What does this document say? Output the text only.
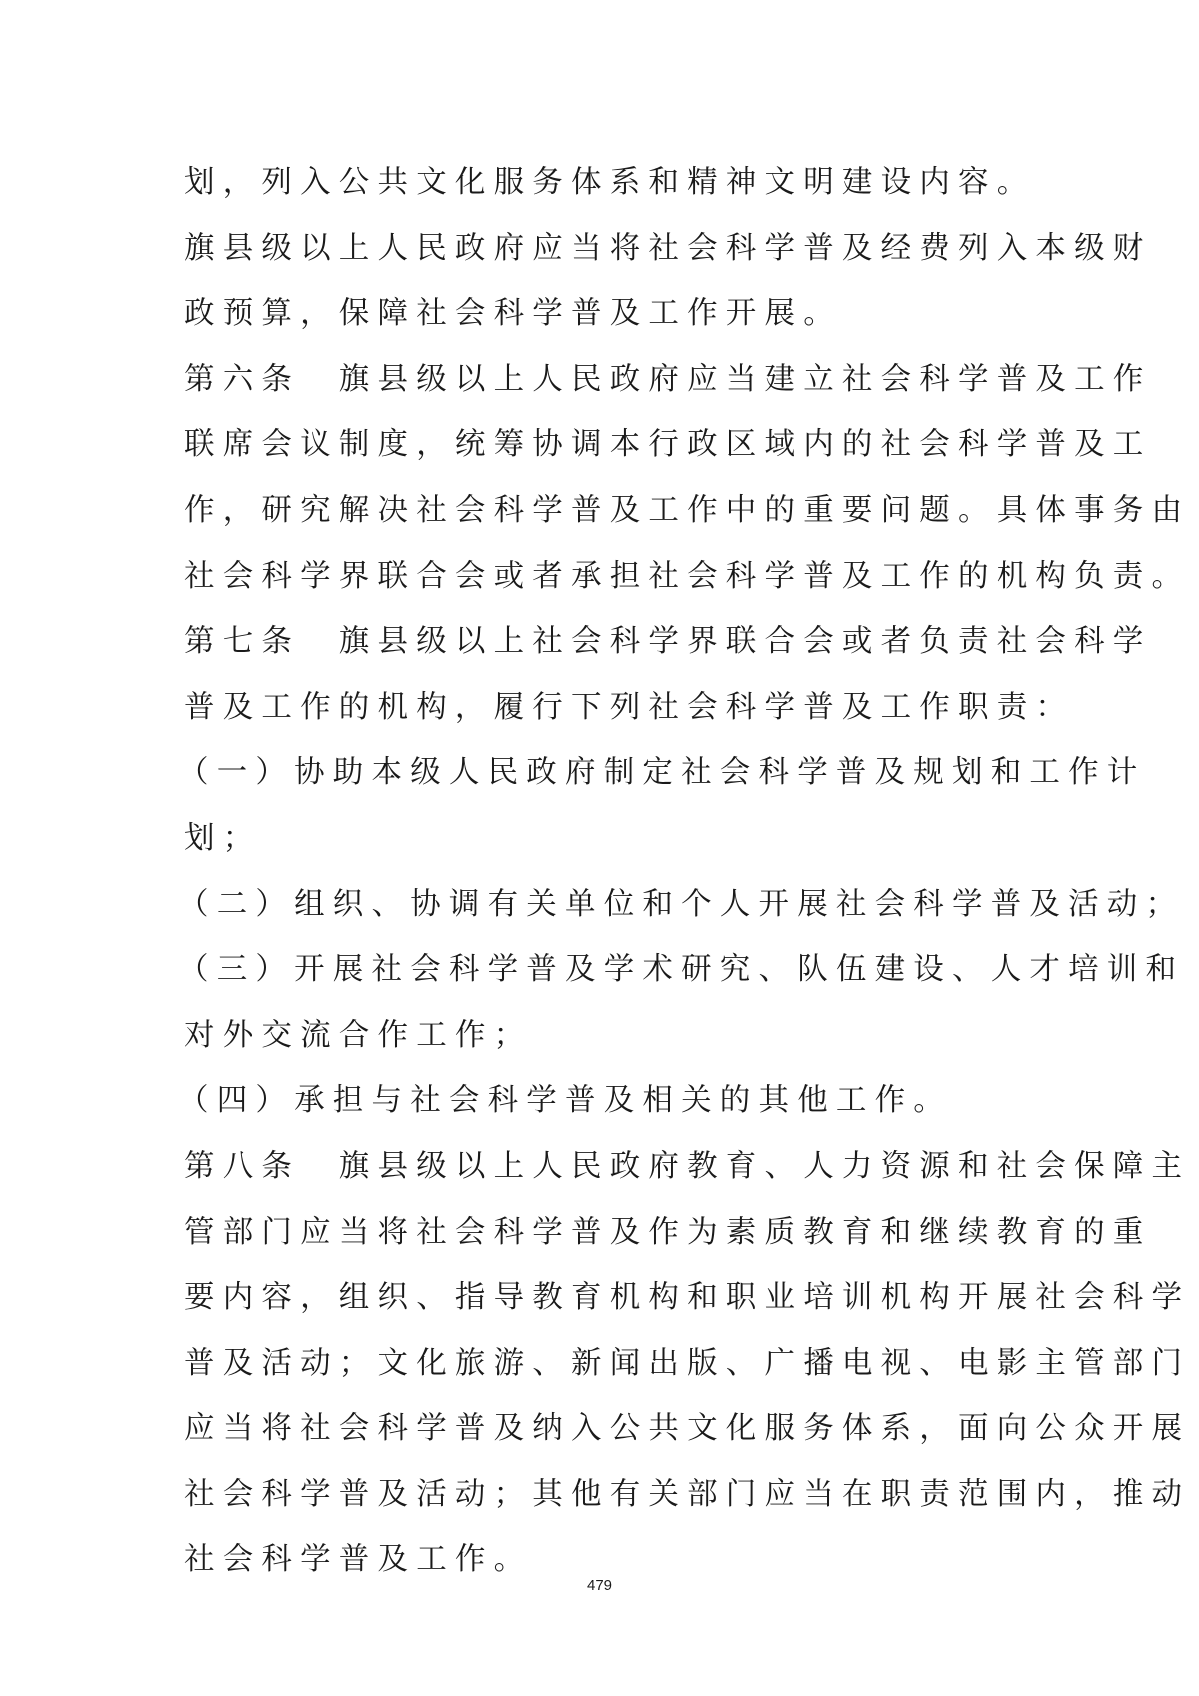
划，列入公共文化服务体系和精神文明建设内容。
旗县级以上人民政府应当将社会科学普及经费列入本级财
政预算，保障社会科学普及工作开展。
第六条　旗县级以上人民政府应当建立社会科学普及工作
联席会议制度，统筹协调本行政区域内的社会科学普及工
作，研究解决社会科学普及工作中的重要问题。具体事务由
社会科学界联合会或者承担社会科学普及工作的机构负责。
第七条　旗县级以上社会科学界联合会或者负责社会科学
普及工作的机构，履行下列社会科学普及工作职责：
（一）协助本级人民政府制定社会科学普及规划和工作计
划；
（二）组织、协调有关单位和个人开展社会科学普及活动；
（三）开展社会科学普及学术研究、队伍建设、人才培训和
对外交流合作工作；
（四）承担与社会科学普及相关的其他工作。
第八条　旗县级以上人民政府教育、人力资源和社会保障主
管部门应当将社会科学普及作为素质教育和继续教育的重
要内容，组织、指导教育机构和职业培训机构开展社会科学
普及活动；文化旅游、新闻出版、广播电视、电影主管部门
应当将社会科学普及纳入公共文化服务体系，面向公众开展
社会科学普及活动；其他有关部门应当在职责范围内，推动
社会科学普及工作。
479
